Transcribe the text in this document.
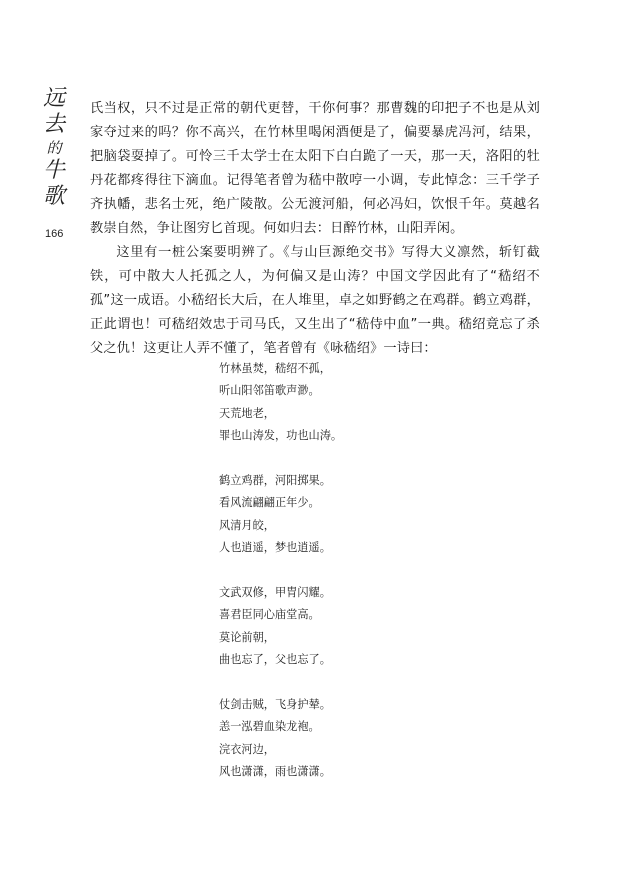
远
去
的
牛
歌
166

氏当权，只不过是正常的朝代更替，干你何事？那曹魏的印把子不也是从刘家夺过来的吗？你不高兴，在竹林里喝闲酒便是了，偏要暴虎冯河，结果，把脑袋耍掉了。可怜三千太学士在太阳下白白跪了一天，那一天，洛阳的牡丹花都疼得往下滴血。记得笔者曾为嵇中散哼一小调，专此悼念：三千学子齐执幡，悲名士死，绝广陵散。公无渡河船，何必冯妇，饮恨千年。莫越名教崇自然，争让图穷匕首现。何如归去：日醉竹林，山阳弄闲。

这里有一桩公案要明辨了。《与山巨源绝交书》写得大义凛然，斩钉截铁，可中散大人托孤之人，为何偏又是山涛？中国文学因此有了“嵇绍不孤”这一成语。小嵇绍长大后，在人堆里，卓之如野鹤之在鸡群。鹤立鸡群，正此谓也！可嵇绍效忠于司马氏，又生出了“嵇侍中血”一典。嵇绍竟忘了杀父之仇！这更让人弄不懂了，笔者曾有《咏嵇绍》一诗曰：

竹林虽焚，嵇绍不孤，
听山阳邻笛歌声渺。
天荒地老，
罪也山涛发，功也山涛。
鹤立鸡群，河阳掷果。
看风流翩翩正年少。
风清月皎，
人也逍遥，梦也逍遥。
文武双修，甲胄闪耀。
喜君臣同心庙堂高。
莫论前朝，
曲也忘了，父也忘了。
仗剑击贼，飞身护辇。
恙一泓碧血染龙袍。
浣衣河边，
风也潇潇，雨也潇潇。
